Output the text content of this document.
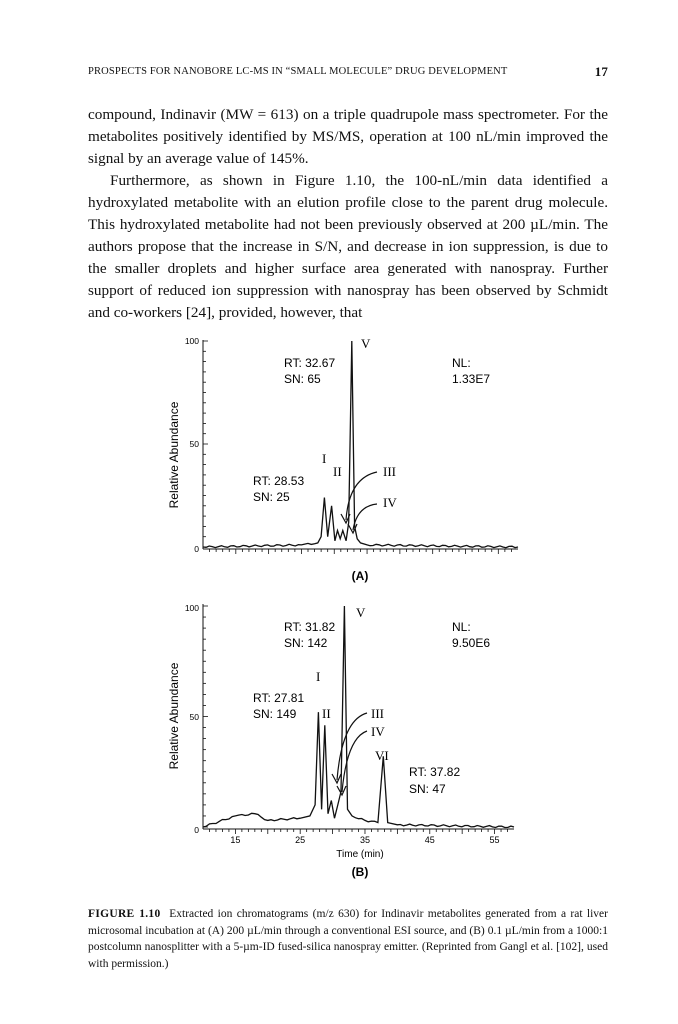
PROSPECTS FOR NANOBORE LC-MS IN “SMALL MOLECULE” DRUG DEVELOPMENT	17

compound, Indinavir (MW = 613) on a triple quadrupole mass spectrometer. For the metabolites positively identified by MS/MS, operation at 100 nL/min improved the signal by an average value of 145%.

Furthermore, as shown in Figure 1.10, the 100-nL/min data identified a hydroxylated metabolite with an elution profile close to the parent drug molecule. This hydroxylated metabolite had not been previously observed at 200 µL/min. The authors propose that the increase in S/N, and decrease in ion suppression, is due to the smaller droplets and higher surface area generated with nanospray. Further support of reduced ion suppression with nanospray has been observed by Schmidt and co-workers [24], provided, however, that

Relative Abundance
Relative Abundance
100
50
0
RT: 32.67
SN: 65
NL:
1.33E7
RT: 28.53
SN: 25
V
I
II	III
IV
(A)
100
50
0
15	25	35	45	55
Time (min)
RT: 31.82
SN: 142
NL:
9.50E6
RT: 27.81
SN: 149
RT: 37.82
SN: 47
V
I
II	III
IV
VI
(B)
FIGURE 1.10 Extracted ion chromatograms (m/z 630) for Indinavir metabolites generated from a rat liver microsomal incubation at (A) 200 µL/min through a conventional ESI source, and (B) 0.1 µL/min from a 1000:1 postcolumn nanosplitter with a 5-µm-ID fused-silica nanospray emitter. (Reprinted from Gangl et al. [102], used with permission.)
